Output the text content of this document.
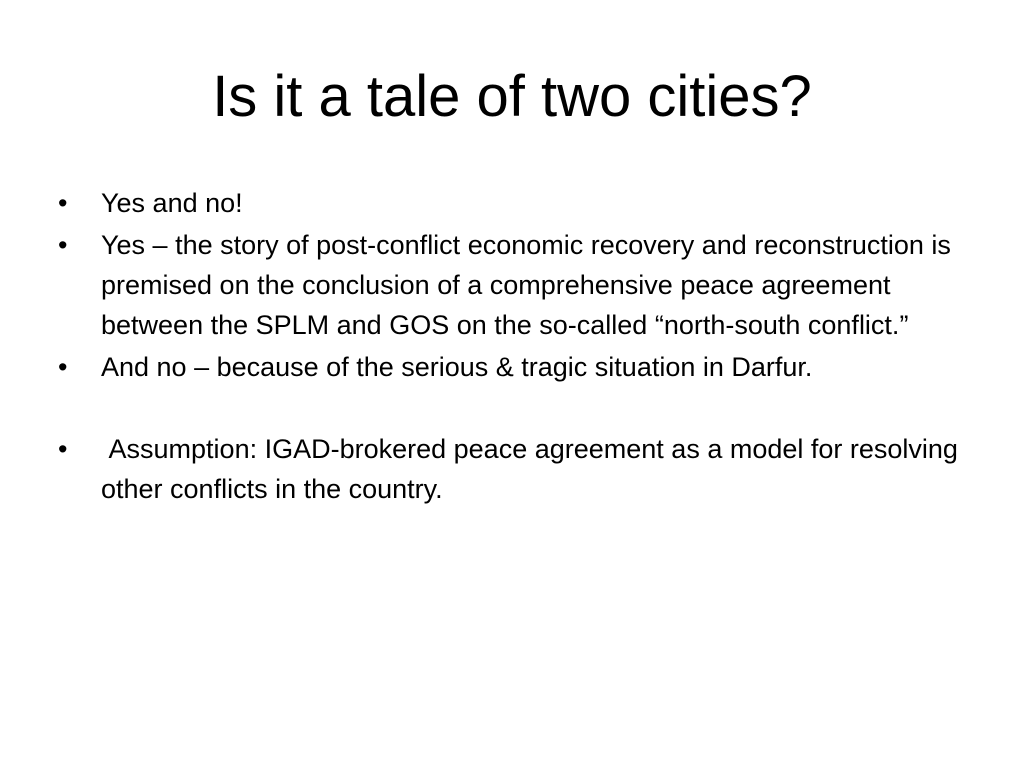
Is it a tale of two cities?
•	Yes and no!
•	Yes – the story of post-conflict economic recovery and reconstruction is premised on the conclusion of a comprehensive peace agreement between the SPLM and GOS on the so-called “north-south conflict.”
•	And no – because of the serious & tragic situation in Darfur.
•	Assumption: IGAD-brokered peace agreement as a model for resolving other conflicts in the country.
